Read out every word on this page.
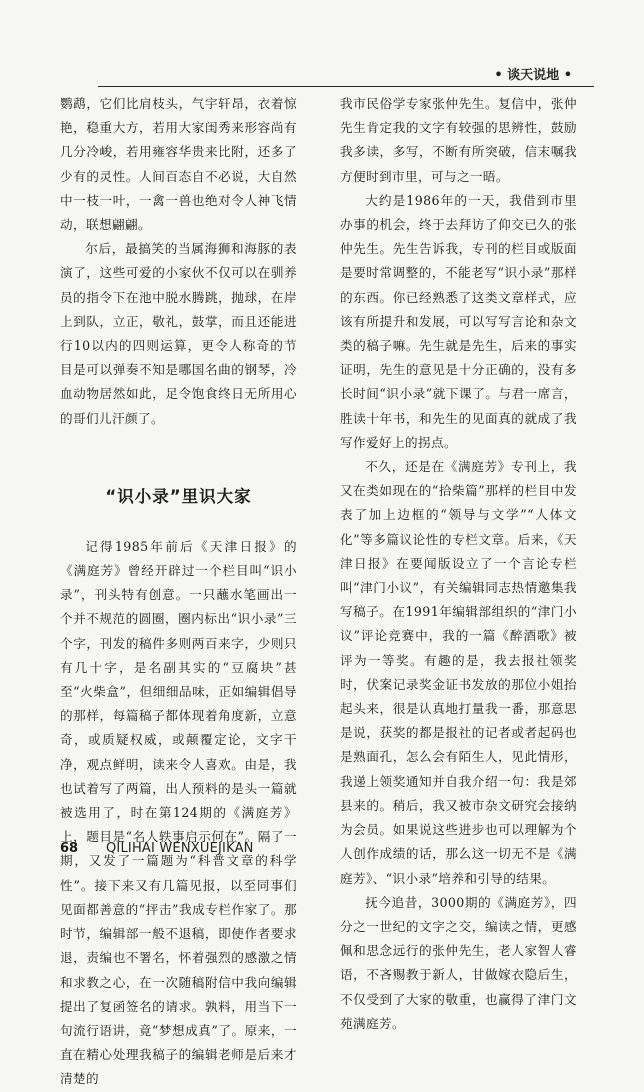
• 谈天说地 •

鹦鹉，它们比肩枝头，气宇轩昂，衣着惊艳，稳重大方，若用大家闺秀来形容尚有几分冷峻，若用雍容华贵来比附，还多了少有的灵性。人间百态自不必说，大自然中一枝一叶，一禽一兽也绝对令人神飞情动，联想翩翩。

尔后，最搞笑的当属海狮和海豚的表演了，这些可爱的小家伙不仅可以在驯养员的指令下在池中脱水腾跳，抛球，在岸上到队，立正，敬礼，鼓掌，而且还能进行10以内的四则运算，更令人称奇的节目是可以弹奏不知是哪国名曲的钢琴，冷血动物居然如此，足令饱食终日无所用心的哥们儿汗颜了。

“识小录”里识大家

记得1985年前后《天津日报》的《满庭芳》曾经开辟过一个栏目叫“识小录”，刊头特有创意。一只蘸水笔画出一个并不规范的圆圈，圈内标出“识小录”三个字，刊发的稿件多则两百来字，少则只有几十字，是名副其实的“豆腐块”甚至“火柴盒”，但细细品味，正如编辑倡导的那样，每篇稿子都体现着角度新，立意奇，或质疑权威，或颠覆定论，文字干净，观点鲜明，读来令人喜欢。由是，我也试着写了两篇，出人预料的是头一篇就被选用了，时在第124期的《满庭芳》上，题目是“名人轶事启示何在”。隔了一期，又发了一篇题为“科普文章的科学性”。接下来又有几篇见报，以至同事们见面都善意的“抨击”我成专栏作家了。那时节，编辑部一般不退稿，即使作者要求退，责编也不署名，怀着强烈的感激之情和求教之心，在一次随稿附信中我向编辑提出了复函签名的请求。孰料，用当下一句流行语讲，竟“梦想成真”了。原来，一直在精心处理我稿子的编辑老师是后来才清楚的

我市民俗学专家张仲先生。复信中，张仲先生肯定我的文字有较强的思辨性，鼓励我多读，多写，不断有所突破，信末嘱我方便时到市里，可与之一晤。

大约是1986年的一天，我借到市里办事的机会，终于去拜访了仰交已久的张仲先生。先生告诉我，专刊的栏目或版面是要时常调整的，不能老写“识小录”那样的东西。你已经熟悉了这类文章样式，应该有所提升和发展，可以写写言论和杂文类的稿子嘛。先生就是先生，后来的事实证明，先生的意见是十分正确的，没有多长时间“识小录”就下课了。与君一席言，胜读十年书，和先生的见面真的就成了我写作爱好上的拐点。

不久，还是在《满庭芳》专刊上，我又在类如现在的“拾柴篇”那样的栏目中发表了加上边框的“领导与文学”“人体文化”等多篇议论性的专栏文章。后来，《天津日报》在要闻版设立了一个言论专栏叫“津门小议”，有关编辑同志热情邀集我写稿子。在1991年编辑部组织的“津门小议”评论竞赛中，我的一篇《醉酒歌》被评为一等奖。有趣的是，我去报社领奖时，伏案记录奖金证书发放的那位小姐抬起头来，很是认真地打量我一番，那意思是说，获奖的都是报社的记者或者起码也是熟面孔，怎么会有陌生人，见此情形，我递上领奖通知并自我介绍一句：我是郊县来的。稍后，我又被市杂文研究会接纳为会员。如果说这些进步也可以理解为个人创作成绩的话，那么这一切无不是《满庭芳》、“识小录”培养和引导的结果。

抚今追昔，3000期的《满庭芳》，四分之一世纪的文字之交，编读之情，更感佩和思念远行的张仲先生，老人家智人睿语，不吝赐教于新人，甘做嫁衣隐后生，不仅受到了大家的敬重，也赢得了津门文苑满庭芳。

68 QILIHAI WENXUEJIKAN
